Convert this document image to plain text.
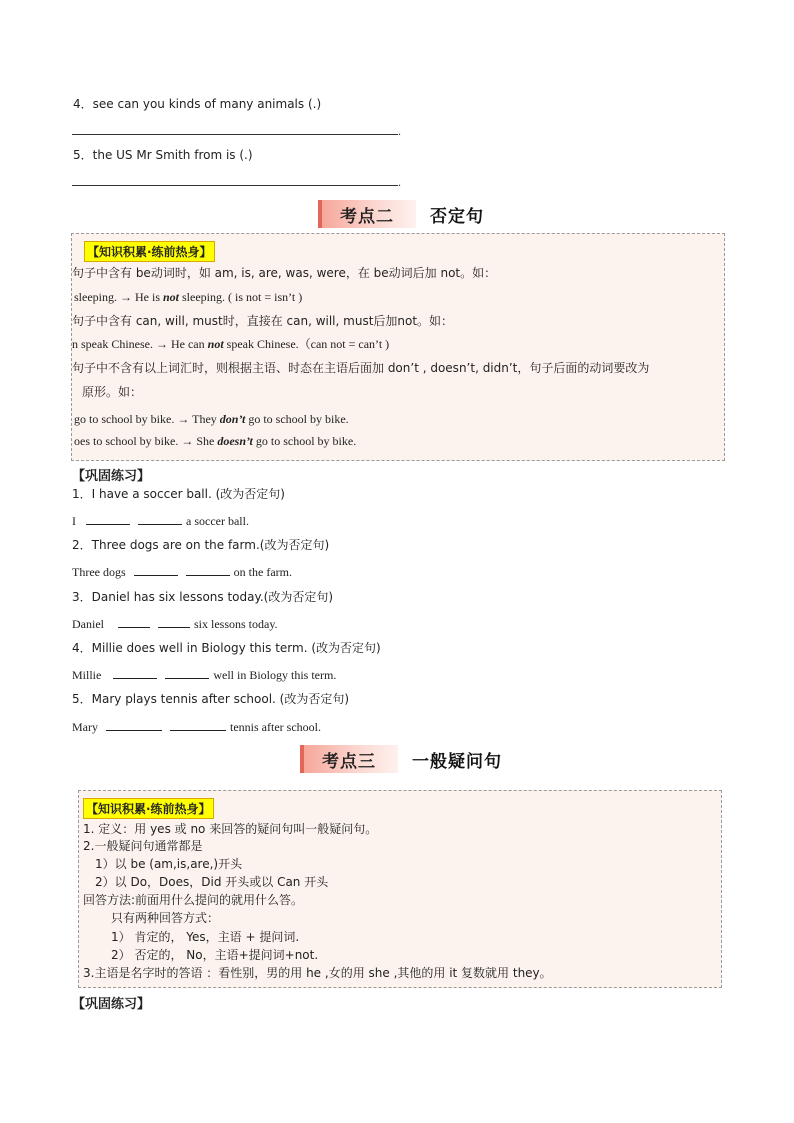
4．see can you kinds of many animals (.)
.
5．the US Mr Smith from is (.)
.
考点二	否定句
【知识积累·练前热身】
句子中含有 be动词时，如 am, is, are, was, were，在 be动词后加 not。如：
sleeping. → He is not sleeping. ( is not = isn’t )
句子中含有 can, will, must时，直接在 can, will, must后加not。如：
n speak Chinese. → He can not speak Chinese.（can not = can’t )
句子中不含有以上词汇时，则根据主语、时态在主语后面加 don’t , doesn’t, didn’t，句子后面的动词要改为
原形。如：
go to school by bike. → They don’t go to school by bike.
oes to school by bike. → She doesn’t go to school by bike.
【巩固练习】
1．I have a soccer ball. (改为否定句)
I	a soccer ball.
2．Three dogs are on the farm.(改为否定句)
Three dogs	on the farm.
3．Daniel has six lessons today.(改为否定句)
Daniel	six lessons today.
4．Millie does well in Biology this term. (改为否定句)
Millie	well in Biology this term.
5．Mary plays tennis after school. (改为否定句)
Mary	tennis after school.
考点三	一般疑问句
【知识积累·练前热身】
1. 定义：用 yes 或 no 来回答的疑问句叫一般疑问句。
2.一般疑问句通常都是
1）以 be (am,is,are,)开头
2）以 Do，Does，Did 开头或以 Can 开头
回答方法:前面用什么提问的就用什么答。
只有两种回答方式：
1） 肯定的， Yes，主语 + 提问词.
2） 否定的， No，主语+提问词+not.
3.主语是名字时的答语 ：看性别，男的用 he ,女的用 she ,其他的用 it 复数就用 they。
【巩固练习】
